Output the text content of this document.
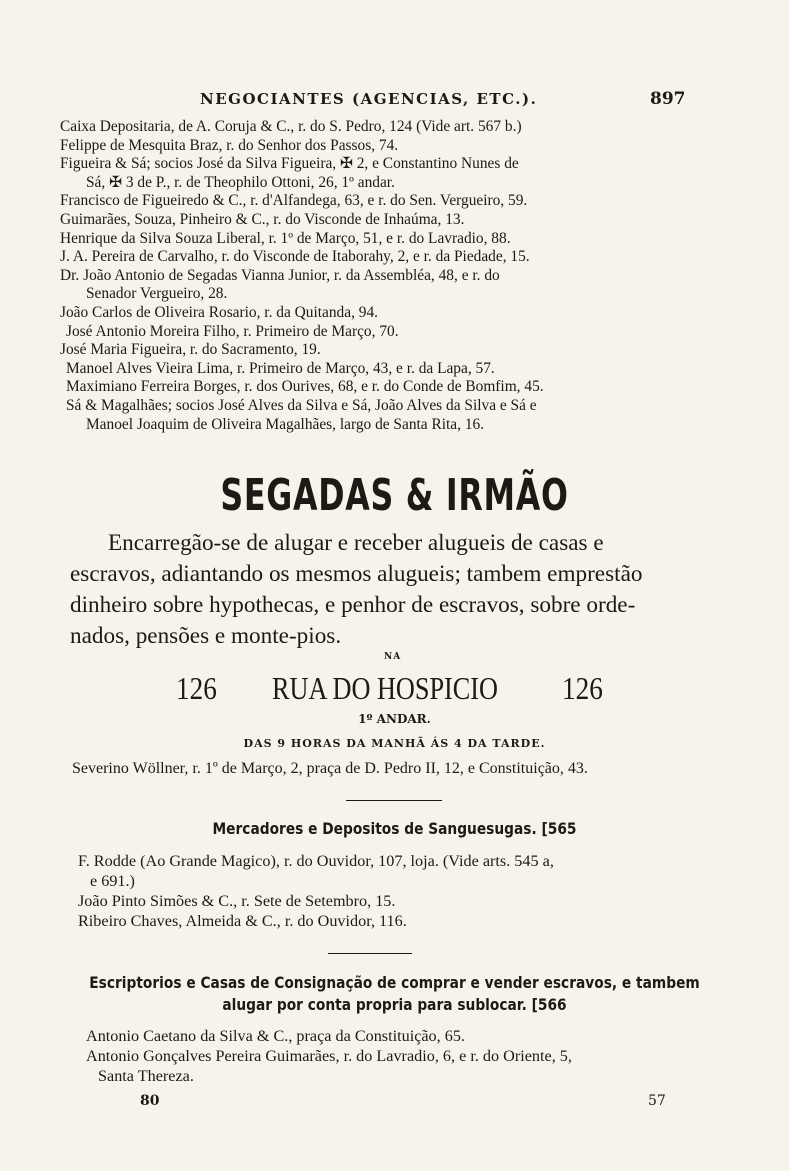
NEGOCIANTES (AGENCIAS, ETC.).	897
Caixa Depositaria, de A. Coruja & C., r. do S. Pedro, 124 (Vide art. 567 b.)
Felippe de Mesquita Braz, r. do Senhor dos Passos, 74.
Figueira & Sá; socios José da Silva Figueira, ✠ 2, e Constantino Nunes de
Sá, ✠ 3 de P., r. de Theophilo Ottoni, 26, 1º andar.
Francisco de Figueiredo & C., r. d'Alfandega, 63, e r. do Sen. Vergueiro, 59.
Guimarães, Souza, Pinheiro & C., r. do Visconde de Inhaúma, 13.
Henrique da Silva Souza Liberal, r. 1º de Março, 51, e r. do Lavradio, 88.
J. A. Pereira de Carvalho, r. do Visconde de Itaborahy, 2, e r. da Piedade, 15.
Dr. João Antonio de Segadas Vianna Junior, r. da Assembléa, 48, e r. do
Senador Vergueiro, 28.
João Carlos de Oliveira Rosario, r. da Quitanda, 94.
José Antonio Moreira Filho, r. Primeiro de Março, 70.
José Maria Figueira, r. do Sacramento, 19.
Manoel Alves Vieira Lima, r. Primeiro de Março, 43, e r. da Lapa, 57.
Maximiano Ferreira Borges, r. dos Ourives, 68, e r. do Conde de Bomfim, 45.
Sá & Magalhães; socios José Alves da Silva e Sá, João Alves da Silva e Sá e
Manoel Joaquim de Oliveira Magalhães, largo de Santa Rita, 16.
SEGADAS & IRMÃO
Encarregão-se de alugar e receber alugueis de casas e
escravos, adiantando os mesmos alugueis; tambem emprestão
dinheiro sobre hypothecas, e penhor de escravos, sobre orde-
nados, pensões e monte-pios.
NA
126 RUA DO HOSPICIO 126
1º ANDAR.
DAS 9 HORAS DA MANHÃ ÁS 4 DA TARDE.
Severino Wöllner, r. 1º de Março, 2, praça de D. Pedro II, 12, e Constituição, 43.
Mercadores e Depositos de Sanguesugas. [565
F. Rodde (Ao Grande Magico), r. do Ouvidor, 107, loja. (Vide arts. 545 a,
e 691.)
João Pinto Simões & C., r. Sete de Setembro, 15.
Ribeiro Chaves, Almeida & C., r. do Ouvidor, 116.
Escriptorios e Casas de Consignação de comprar e vender escravos, e tambem
alugar por conta propria para sublocar. [566
Antonio Caetano da Silva & C., praça da Constituição, 65.
Antonio Gonçalves Pereira Guimarães, r. do Lavradio, 6, e r. do Oriente, 5,
Santa Thereza.
80	57
